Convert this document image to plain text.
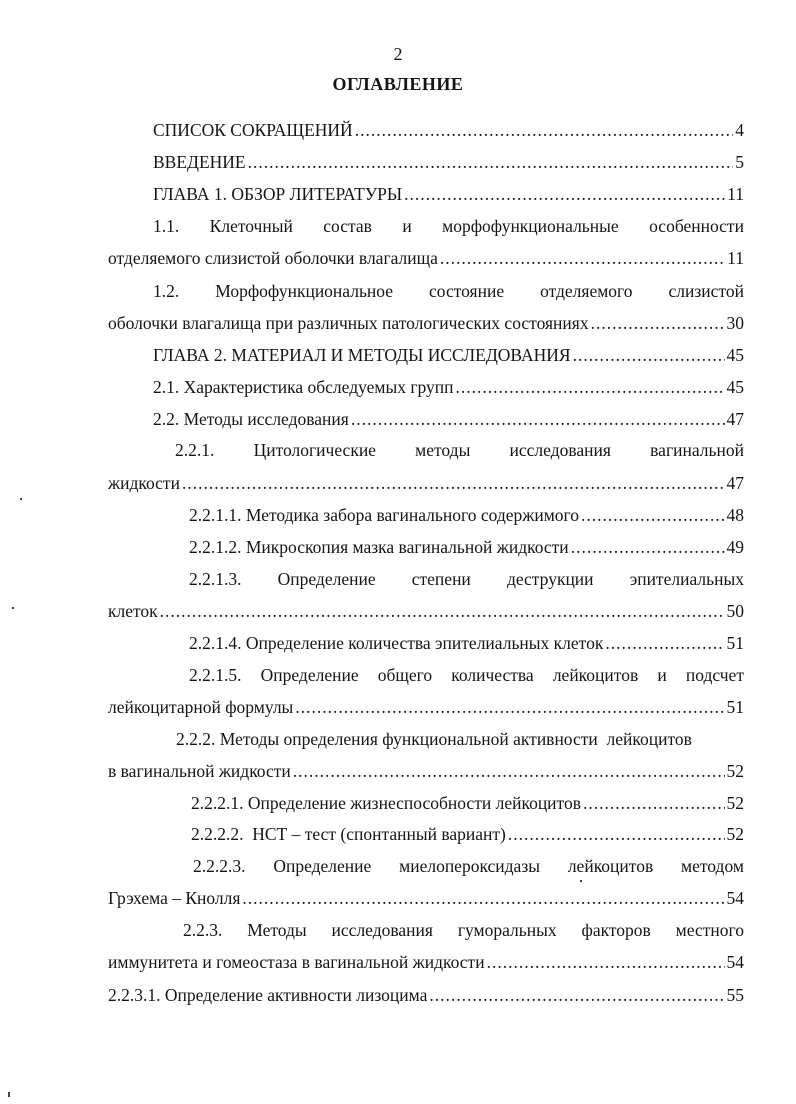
2
ОГЛАВЛЕНИЕ
СПИСОК СОКРАЩЕНИЙ .....	4
ВВЕДЕНИЕ .....	5
ГЛАВА 1. ОБЗОР ЛИТЕРАТУРЫ .....	11
1.1. Клеточный состав и морфофункциональные особенности
отделяемого слизистой оболочки влагалища .....	11
1.2. Морфофункциональное состояние отделяемого слизистой
оболочки влагалища при различных патологических состояниях .....	30
ГЛАВА 2. МАТЕРИАЛ И МЕТОДЫ ИССЛЕДОВАНИЯ .....	45
2.1. Характеристика обследуемых групп .....	45
2.2. Методы исследования .....	47
2.2.1. Цитологические методы исследования вагинальной
жидкости .....	47
2.2.1.1. Методика забора вагинального содержимого .....	48
2.2.1.2. Микроскопия мазка вагинальной жидкости .....	49
2.2.1.3. Определение степени деструкции эпителиальных
клеток .....	50
2.2.1.4. Определение количества эпителиальных клеток .....	51
2.2.1.5. Определение общего количества лейкоцитов и подсчет
лейкоцитарной формулы .....	51
2.2.2. Методы определения функциональной активности  лейкоцитов
в вагинальной жидкости .....	52
2.2.2.1. Определение жизнеспособности лейкоцитов .....	52
2.2.2.2.  НСТ – тест (спонтанный вариант) .....	52
2.2.2.3. Определение миелопероксидазы лейкоцитов методом
Грэхема – Кнолля .....	54
2.2.3. Методы исследования гуморальных факторов местного
иммунитета и гомеостаза в вагинальной жидкости .....	54
2.2.3.1. Определение активности лизоцима .....	55
